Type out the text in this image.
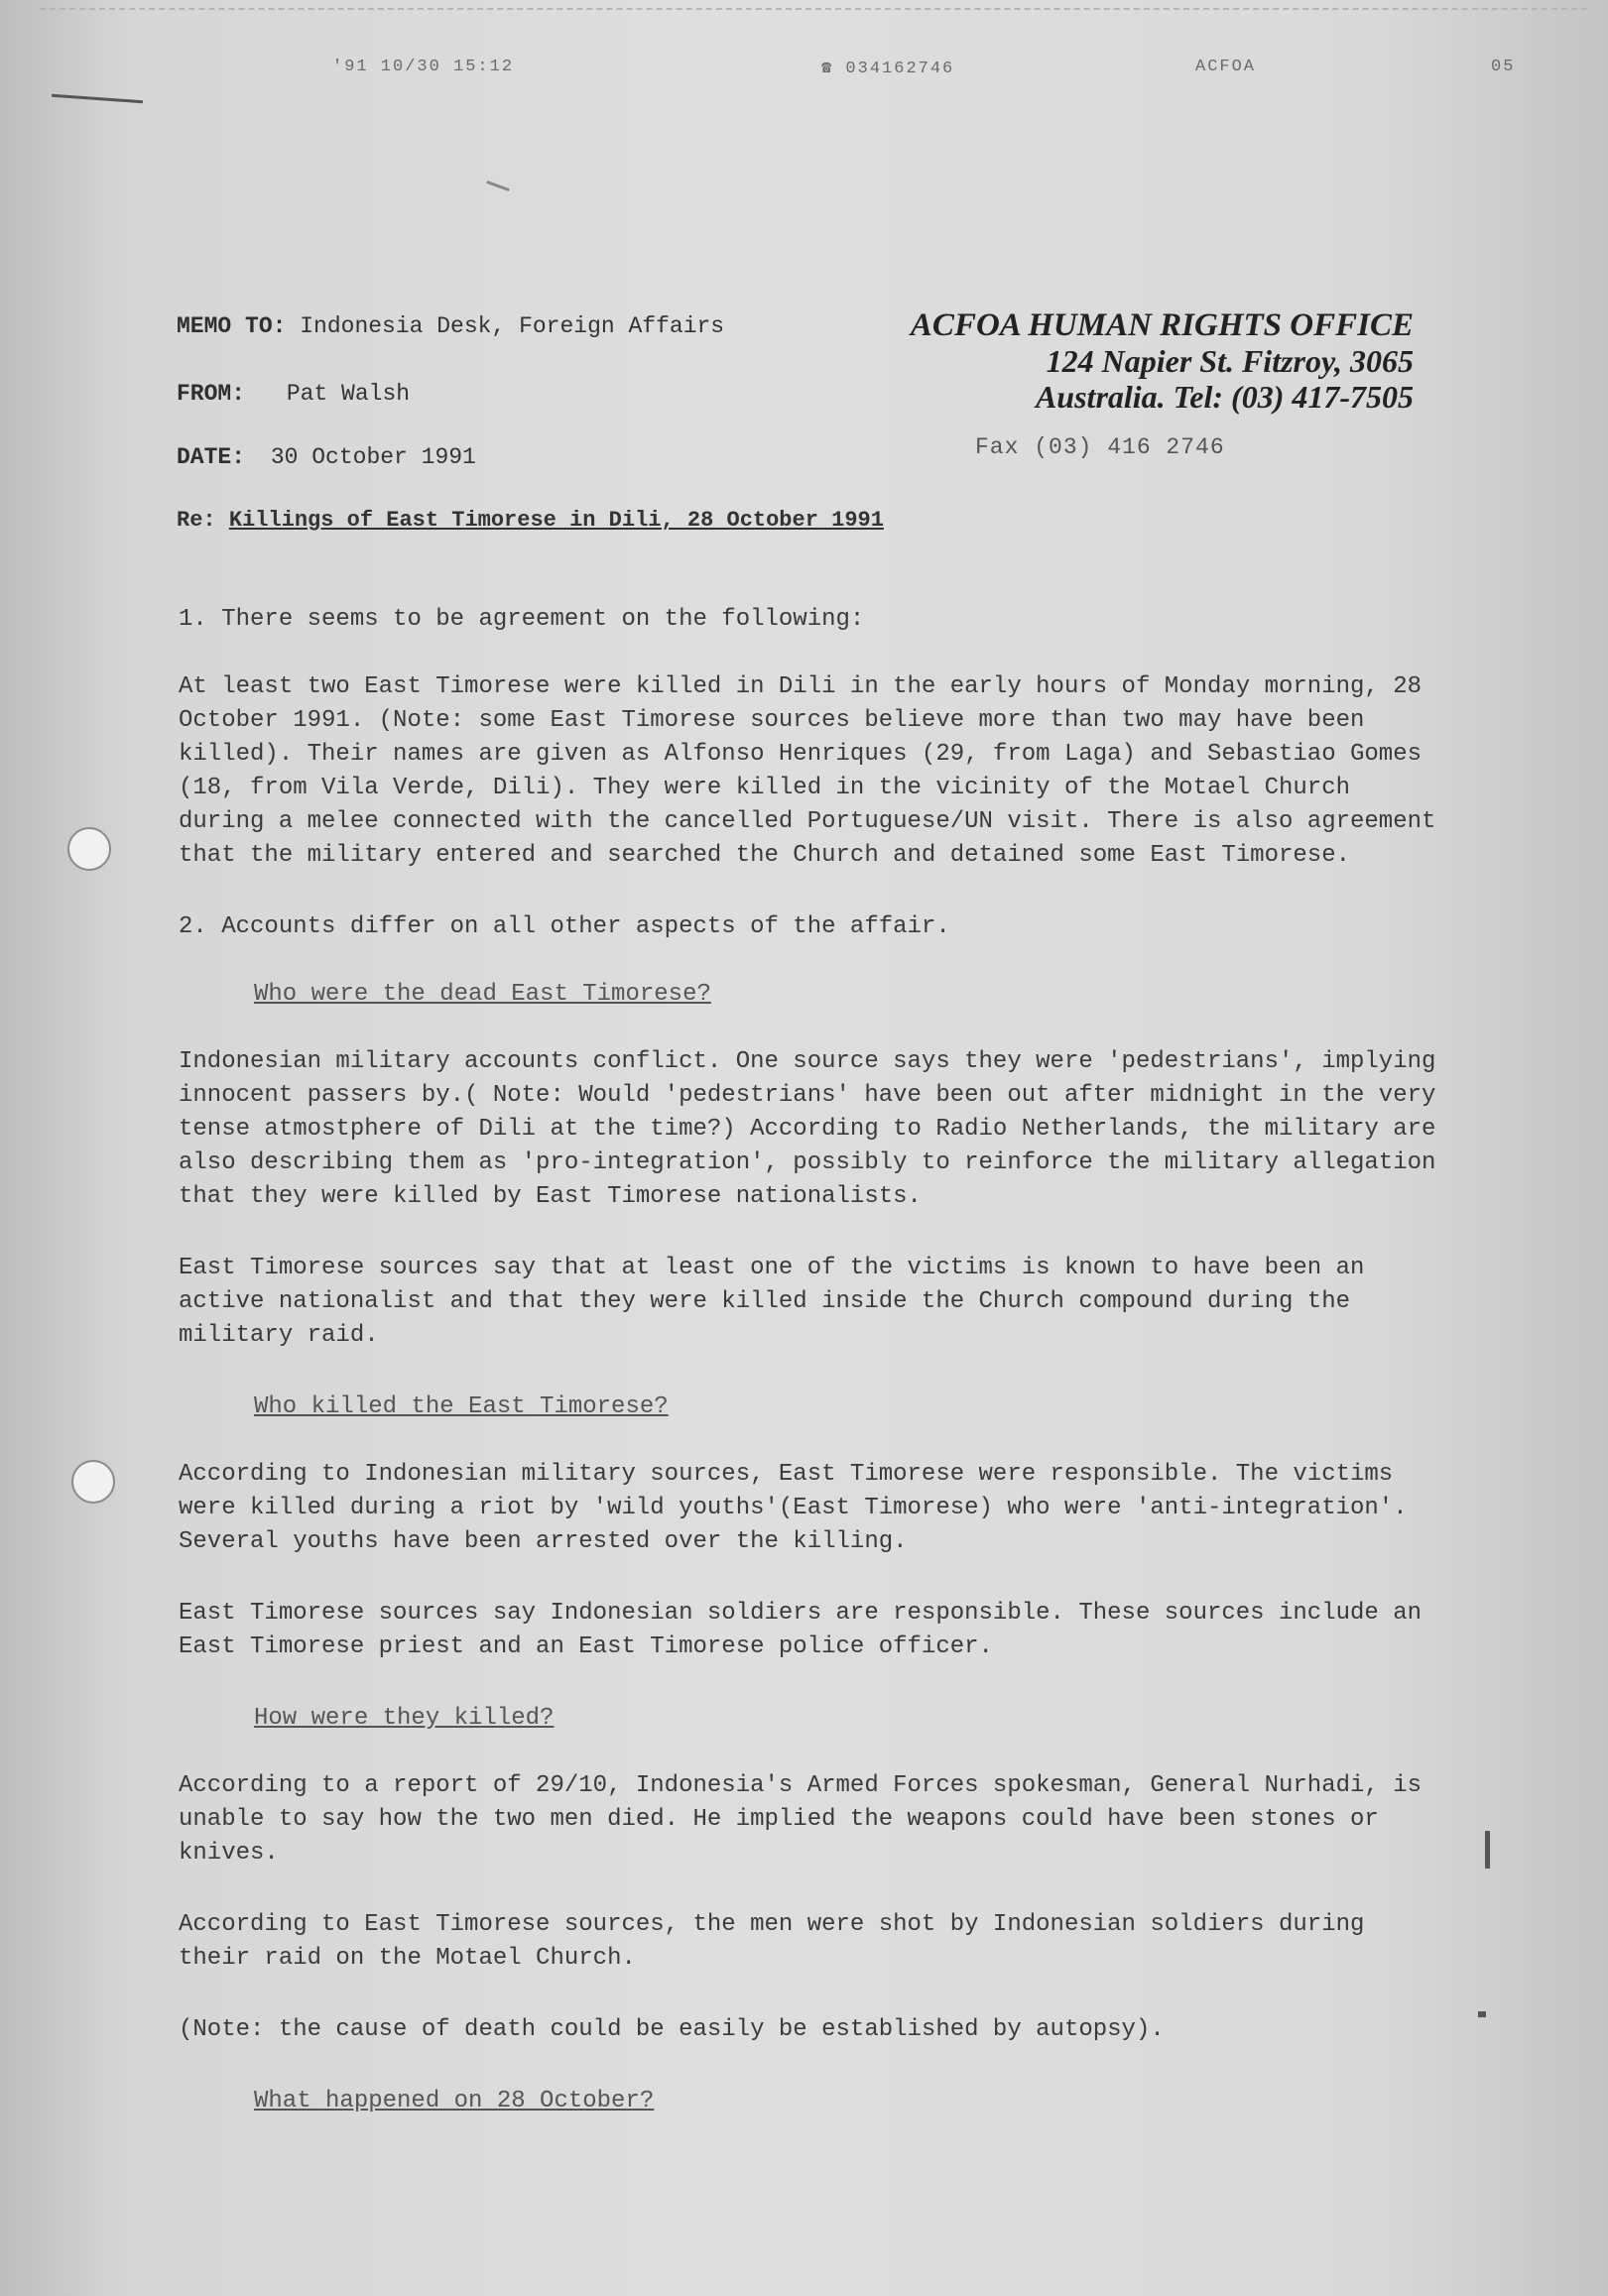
'91 10/30 15:12	☎ 034162746	ACFOA	05
MEMO TO: Indonesia Desk, Foreign Affairs
FROM: Pat Walsh
DATE: 30 October 1991
ACFOA HUMAN RIGHTS OFFICE
124 Napier St. Fitzroy, 3065
Australia. Tel: (03) 417-7505
Fax (03) 416 2746
Re: Killings of East Timorese in Dili, 28 October 1991

1. There seems to be agreement on the following:

At least two East Timorese were killed in Dili in the early hours of Monday morning, 28 October 1991. (Note: some East Timorese sources believe more than two may have been killed). Their names are given as Alfonso Henriques (29, from Laga) and Sebastiao Gomes (18, from Vila Verde, Dili). They were killed in the vicinity of the Motael Church during a melee connected with the cancelled Portuguese/UN visit. There is also agreement that the military entered and searched the Church and detained some East Timorese.

2. Accounts differ on all other aspects of the affair.

Who were the dead East Timorese?

Indonesian military accounts conflict. One source says they were 'pedestrians', implying innocent passers by.( Note: Would 'pedestrians' have been out after midnight in the very tense atmostphere of Dili at the time?) According to Radio Netherlands, the military are also describing them as 'pro-integration', possibly to reinforce the military allegation that they were killed by East Timorese nationalists.

East Timorese sources say that at least one of the victims is known to have been an active nationalist and that they were killed inside the Church compound during the military raid.

Who killed the East Timorese?

According to Indonesian military sources, East Timorese were responsible. The victims were killed during a riot by 'wild youths'(East Timorese) who were 'anti-integration'. Several youths have been arrested over the killing.

East Timorese sources say Indonesian soldiers are responsible. These sources include an East Timorese priest and an East Timorese police officer.

How were they killed?

According to a report of 29/10, Indonesia's Armed Forces spokesman, General Nurhadi, is unable to say how the two men died. He implied the weapons could have been stones or knives.

According to East Timorese sources, the men were shot by Indonesian soldiers during their raid on the Motael Church.

(Note: the cause of death could be easily be established by autopsy).

What happened on 28 October?
